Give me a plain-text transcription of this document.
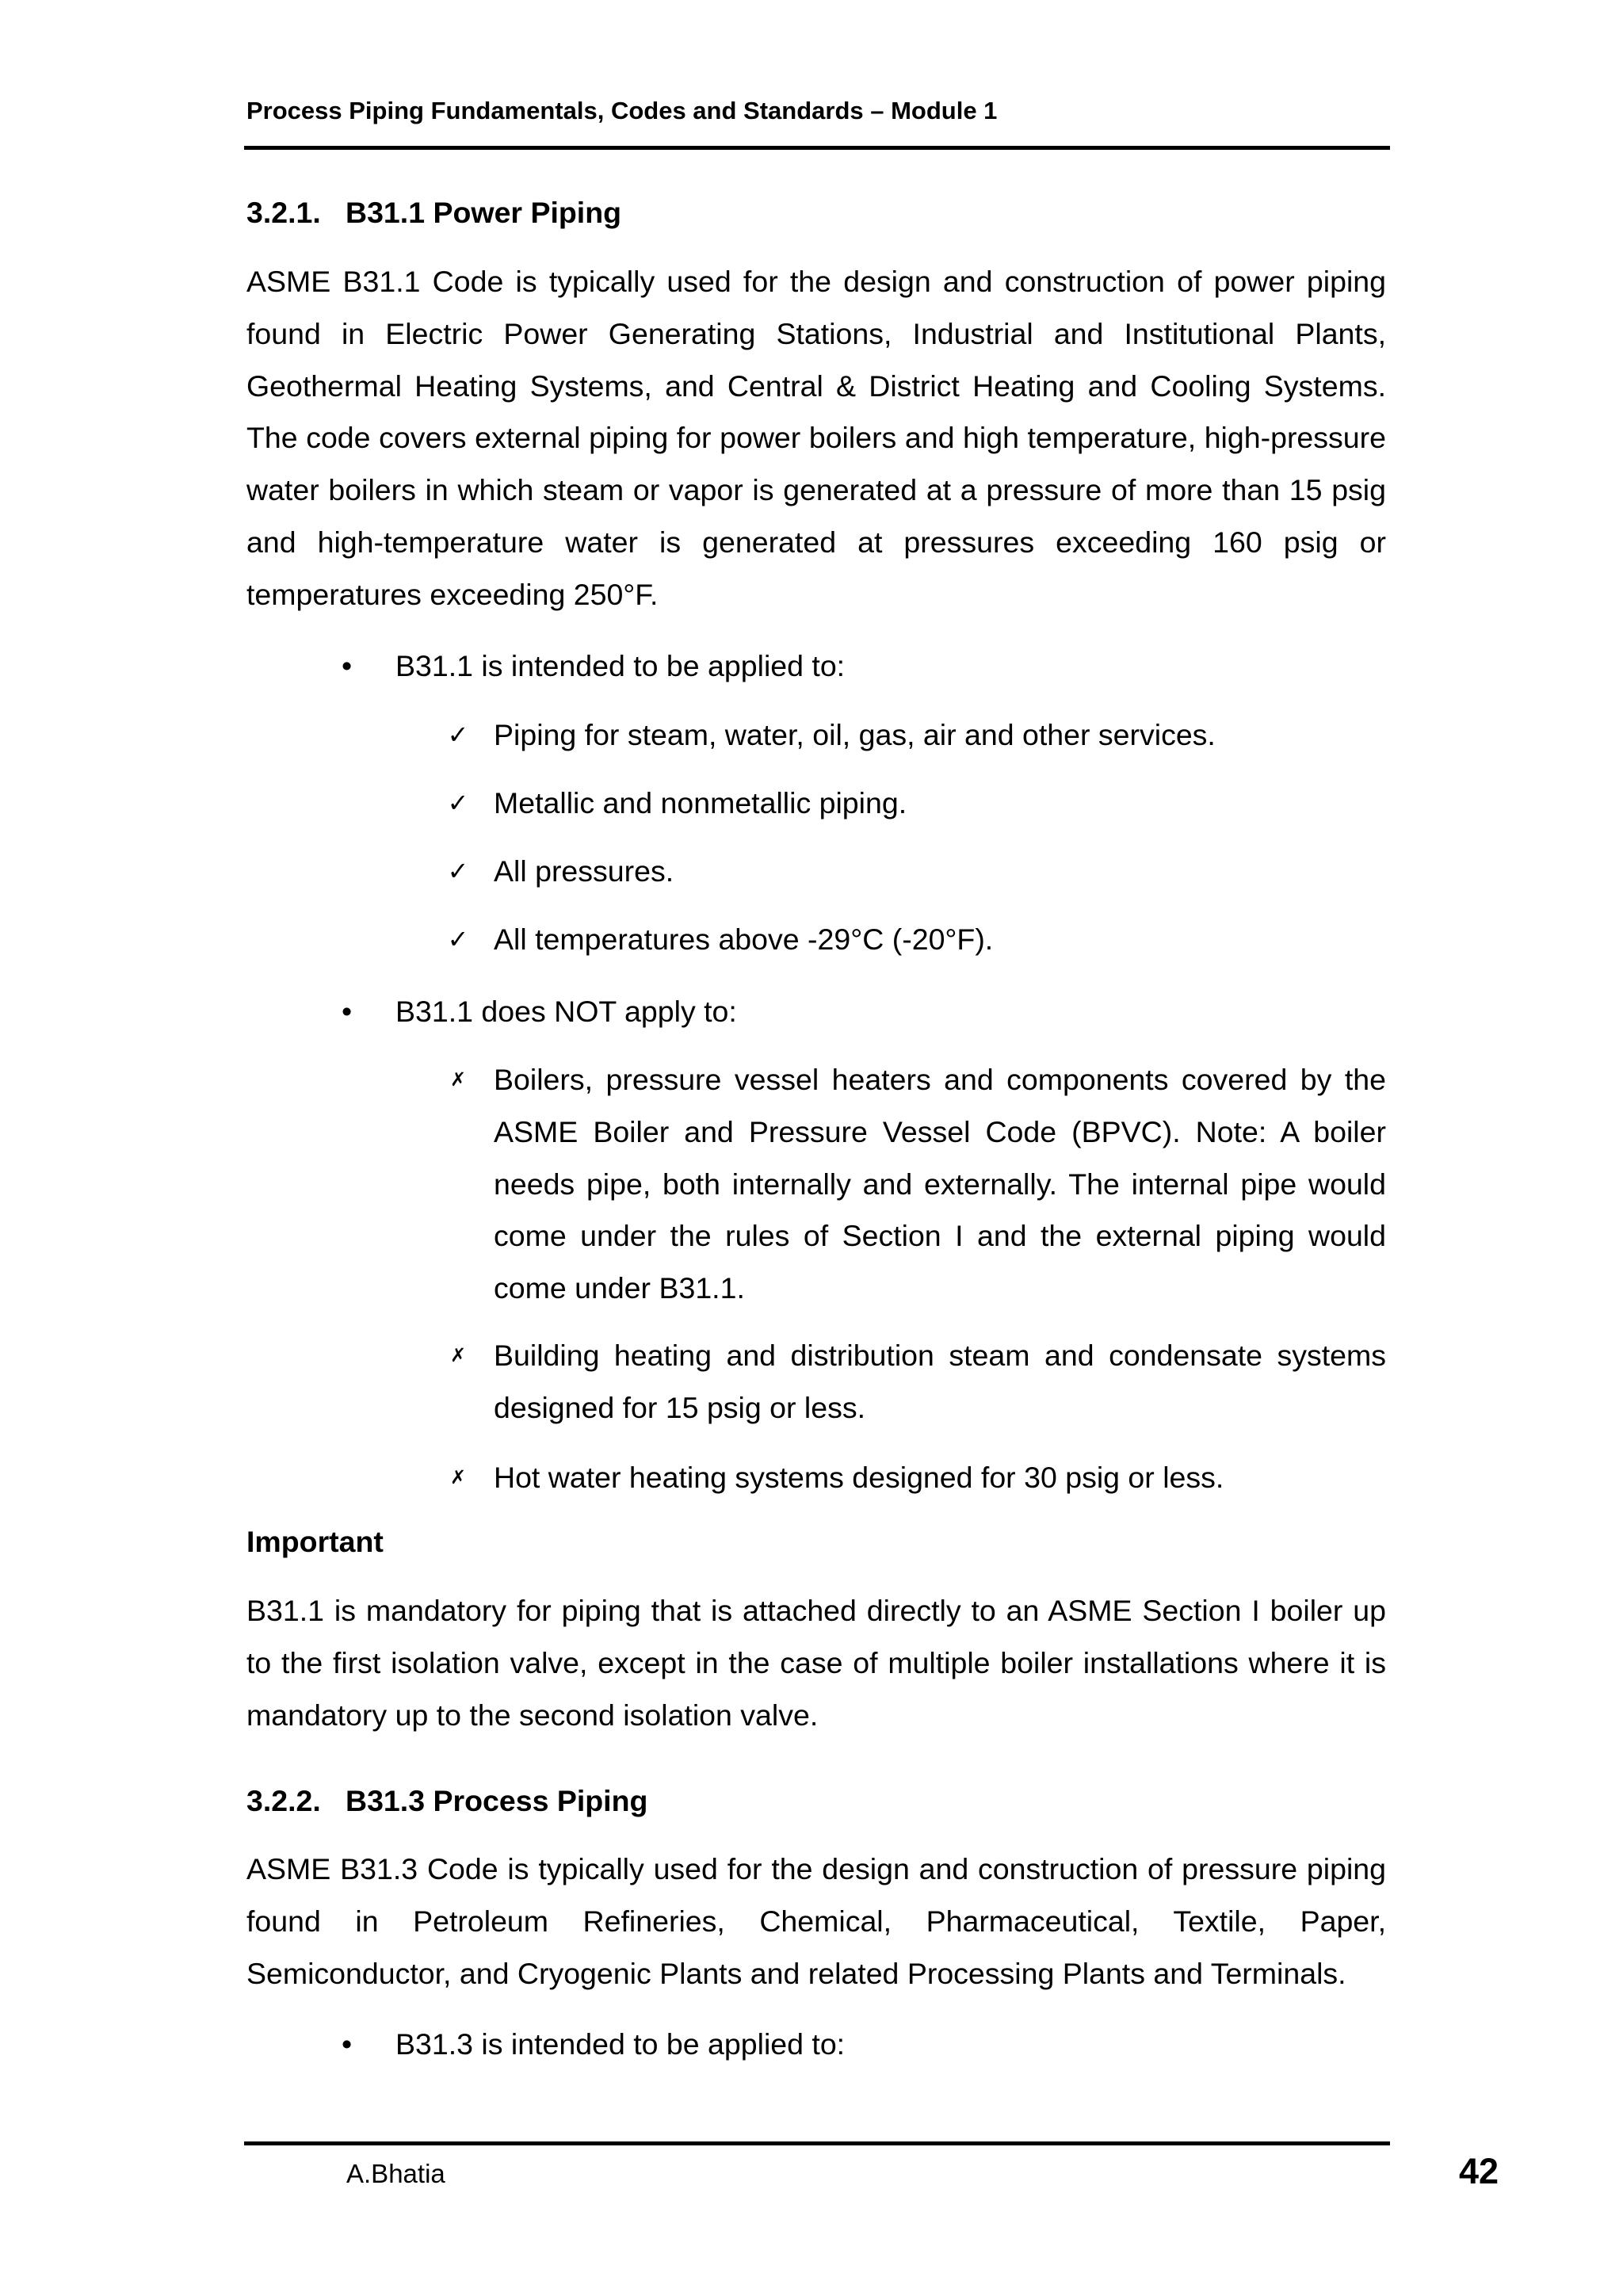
Process Piping Fundamentals, Codes and Standards – Module 1
3.2.1. B31.1 Power Piping
ASME B31.1 Code is typically used for the design and construction of power piping found in Electric Power Generating Stations, Industrial and Institutional Plants, Geothermal Heating Systems, and Central & District Heating and Cooling Systems. The code covers external piping for power boilers and high temperature, high-pressure water boilers in which steam or vapor is generated at a pressure of more than 15 psig and high-temperature water is generated at pressures exceeding 160 psig or temperatures exceeding 250°F.
•	B31.1 is intended to be applied to:
✓ Piping for steam, water, oil, gas, air and other services.
✓ Metallic and nonmetallic piping.
✓ All pressures.
✓ All temperatures above -29°C (-20°F).
•	B31.1 does NOT apply to:
✗ Boilers, pressure vessel heaters and components covered by the ASME Boiler and Pressure Vessel Code (BPVC). Note: A boiler needs pipe, both internally and externally. The internal pipe would come under the rules of Section I and the external piping would come under B31.1.
✗ Building heating and distribution steam and condensate systems designed for 15 psig or less.
✗ Hot water heating systems designed for 30 psig or less.
Important
B31.1 is mandatory for piping that is attached directly to an ASME Section I boiler up to the first isolation valve, except in the case of multiple boiler installations where it is mandatory up to the second isolation valve.
3.2.2. B31.3 Process Piping
ASME B31.3 Code is typically used for the design and construction of pressure piping found in Petroleum Refineries, Chemical, Pharmaceutical, Textile, Paper, Semiconductor, and Cryogenic Plants and related Processing Plants and Terminals.
•	B31.3 is intended to be applied to:
A.Bhatia	42
